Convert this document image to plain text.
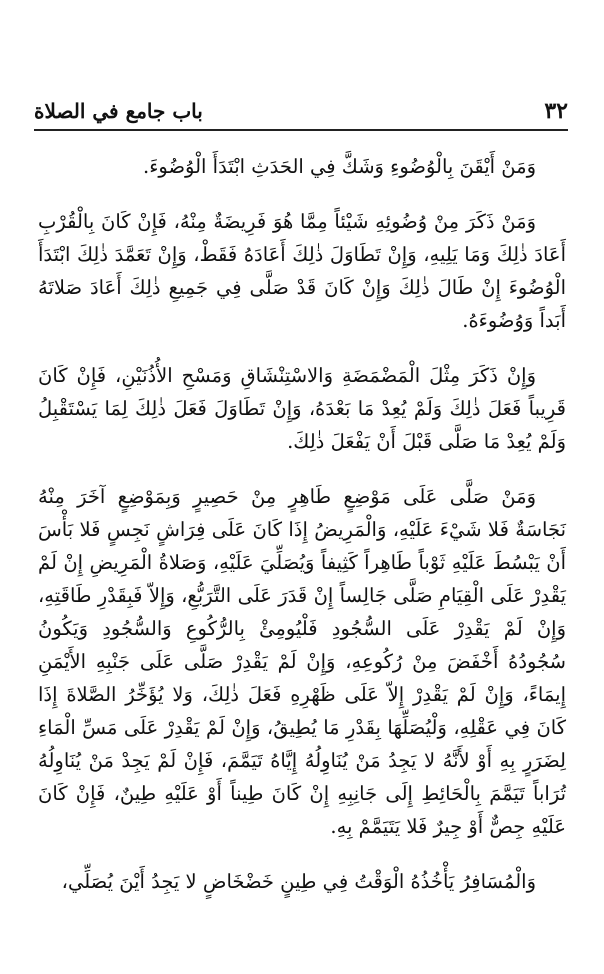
٣٢
باب جامع في الصلاة

وَمَنْ أَيْقَنَ بِالْوُضُوءِ وَشَكَّ فِي الحَدَثِ ابْتَدَأَ الْوُضُوءَ.

وَمَنْ ذَكَرَ مِنْ وُضُوئِهِ شَيْئاً مِمَّا هُوَ فَرِيضَةٌ مِنْهُ، فَإِنْ كَانَ بِالْقُرْبِ أَعَادَ ذٰلِكَ وَمَا يَلِيهِ، وَإِنْ تَطَاوَلَ ذٰلِكَ أَعَادَهُ فَقَطْ، وَإِنْ تَعَمَّدَ ذٰلِكَ ابْتَدَأَ الْوُضُوءَ إِنْ طَالَ ذٰلِكَ وَإِنْ كَانَ قَدْ صَلَّى فِي جَمِيعِ ذٰلِكَ أَعَادَ صَلاتَهُ أَبَداً وَوُضُوءَهُ.

وَإِنْ ذَكَرَ مِثْلَ الْمَضْمَضَةِ وَالاسْتِنْشَاقِ وَمَسْحِ الأُذُنَيْنِ، فَإِنْ كَانَ قَرِيباً فَعَلَ ذٰلِكَ وَلَمْ يُعِدْ مَا بَعْدَهُ، وَإِنْ تَطَاوَلَ فَعَلَ ذٰلِكَ لِمَا يَسْتَقْبِلُ وَلَمْ يُعِدْ مَا صَلَّى قَبْلَ أَنْ يَفْعَلَ ذٰلِكَ.

وَمَنْ صَلَّى عَلَى مَوْضِعٍ طَاهِرٍ مِنْ حَصِيرٍ وَبِمَوْضِعٍ آخَرَ مِنْهُ نَجَاسَةٌ فَلا شَيْءَ عَلَيْهِ، وَالْمَرِيضُ إِذَا كَانَ عَلَى فِرَاشٍ نَجِسٍ فَلا بَأْسَ أَنْ يَبْسُطَ عَلَيْهِ ثَوْباً طَاهِراً كَثِيفاً وَيُصَلِّيَ عَلَيْهِ، وَصَلاةُ الْمَرِيضِ إِنْ لَمْ يَقْدِرْ عَلَى الْقِيَامِ صَلَّى جَالِساً إِنْ قَدَرَ عَلَى التَّرَبُّعِ، وَإِلاّ فَبِقَدْرِ طَاقَتِهِ، وَإِنْ لَمْ يَقْدِرْ عَلَى السُّجُودِ فَلْيُومِئْ بِالرُّكُوعِ وَالسُّجُودِ وَيَكُونُ سُجُودُهُ أَخْفَضَ مِنْ رُكُوعِهِ، وَإِنْ لَمْ يَقْدِرْ صَلَّى عَلَى جَنْبِهِ الأَيْمَنِ إِيمَاءً، وَإِنْ لَمْ يَقْدِرْ إِلاّ عَلَى ظَهْرِهِ فَعَلَ ذٰلِكَ، وَلا يُؤَخِّرُ الصَّلاةَ إِذَا كَانَ فِي عَقْلِهِ، وَلْيُصَلِّهَا بِقَدْرِ مَا يُطِيقُ، وَإِنْ لَمْ يَقْدِرْ عَلَى مَسِّ الْمَاءِ لِضَرَرٍ بِهِ أَوْ لأَنَّهُ لا يَجِدُ مَنْ يُنَاوِلُهُ إِيَّاهُ تَيَمَّمَ، فَإِنْ لَمْ يَجِدْ مَنْ يُنَاوِلُهُ تُرَاباً تَيَمَّمَ بِالْحَائِطِ إِلَى جَانِبِهِ إِنْ كَانَ طِيناً أَوْ عَلَيْهِ طِينٌ، فَإِنْ كَانَ عَلَيْهِ جِصٌّ أَوْ جِيرٌ فَلا يَتَيَمَّمْ بِهِ.

وَالْمُسَافِرُ يَأْخُذُهُ الْوَقْتُ فِي طِينٍ خَضْخَاضٍ لا يَجِدُ أَيْنَ يُصَلِّي،
